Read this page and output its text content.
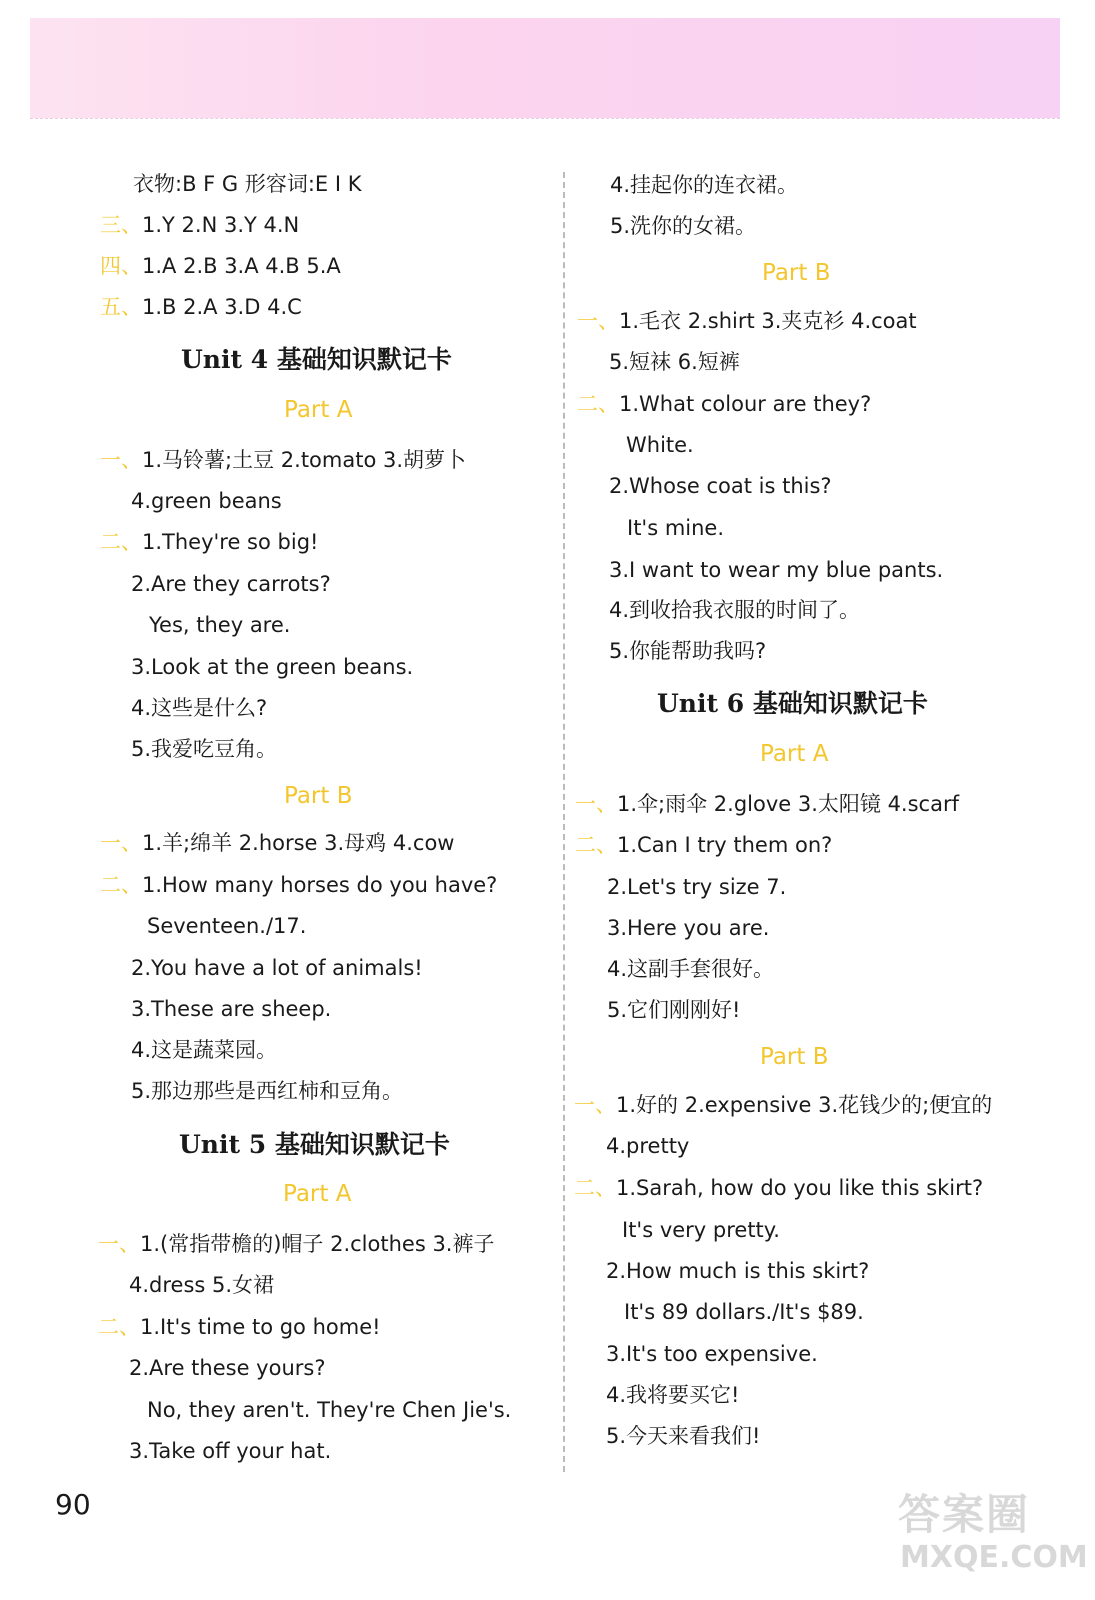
衣物:B F G 形容词:E I K
三、1.Y 2.N 3.Y 4.N
四、1.A 2.B 3.A 4.B 5.A
五、1.B 2.A 3.D 4.C
Unit 4 基础知识默记卡
Part A
一、1.马铃薯;土豆 2.tomato 3.胡萝卜
4.green beans
二、1.They're so big!
2.Are they carrots?
Yes, they are.
3.Look at the green beans.
4.这些是什么?
5.我爱吃豆角。
Part B
一、1.羊;绵羊 2.horse 3.母鸡 4.cow
二、1.How many horses do you have?
Seventeen./17.
2.You have a lot of animals!
3.These are sheep.
4.这是蔬菜园。
5.那边那些是西红柿和豆角。
Unit 5 基础知识默记卡
Part A
一、1.(常指带檐的)帽子 2.clothes 3.裤子
4.dress 5.女裙
二、1.It's time to go home!
2.Are these yours?
No, they aren't. They're Chen Jie's.
3.Take off your hat.
4.挂起你的连衣裙。
5.洗你的女裙。
Part B
一、1.毛衣 2.shirt 3.夹克衫 4.coat
5.短袜 6.短裤
二、1.What colour are they?
White.
2.Whose coat is this?
It's mine.
3.I want to wear my blue pants.
4.到收拾我衣服的时间了。
5.你能帮助我吗?
Unit 6 基础知识默记卡
Part A
一、1.伞;雨伞 2.glove 3.太阳镜 4.scarf
二、1.Can I try them on?
2.Let's try size 7.
3.Here you are.
4.这副手套很好。
5.它们刚刚好!
Part B
一、1.好的 2.expensive 3.花钱少的;便宜的
4.pretty
二、1.Sarah, how do you like this skirt?
It's very pretty.
2.How much is this skirt?
It's 89 dollars./It's $89.
3.It's too expensive.
4.我将要买它!
5.今天来看我们!
90	答案圈
MXQE.COM
